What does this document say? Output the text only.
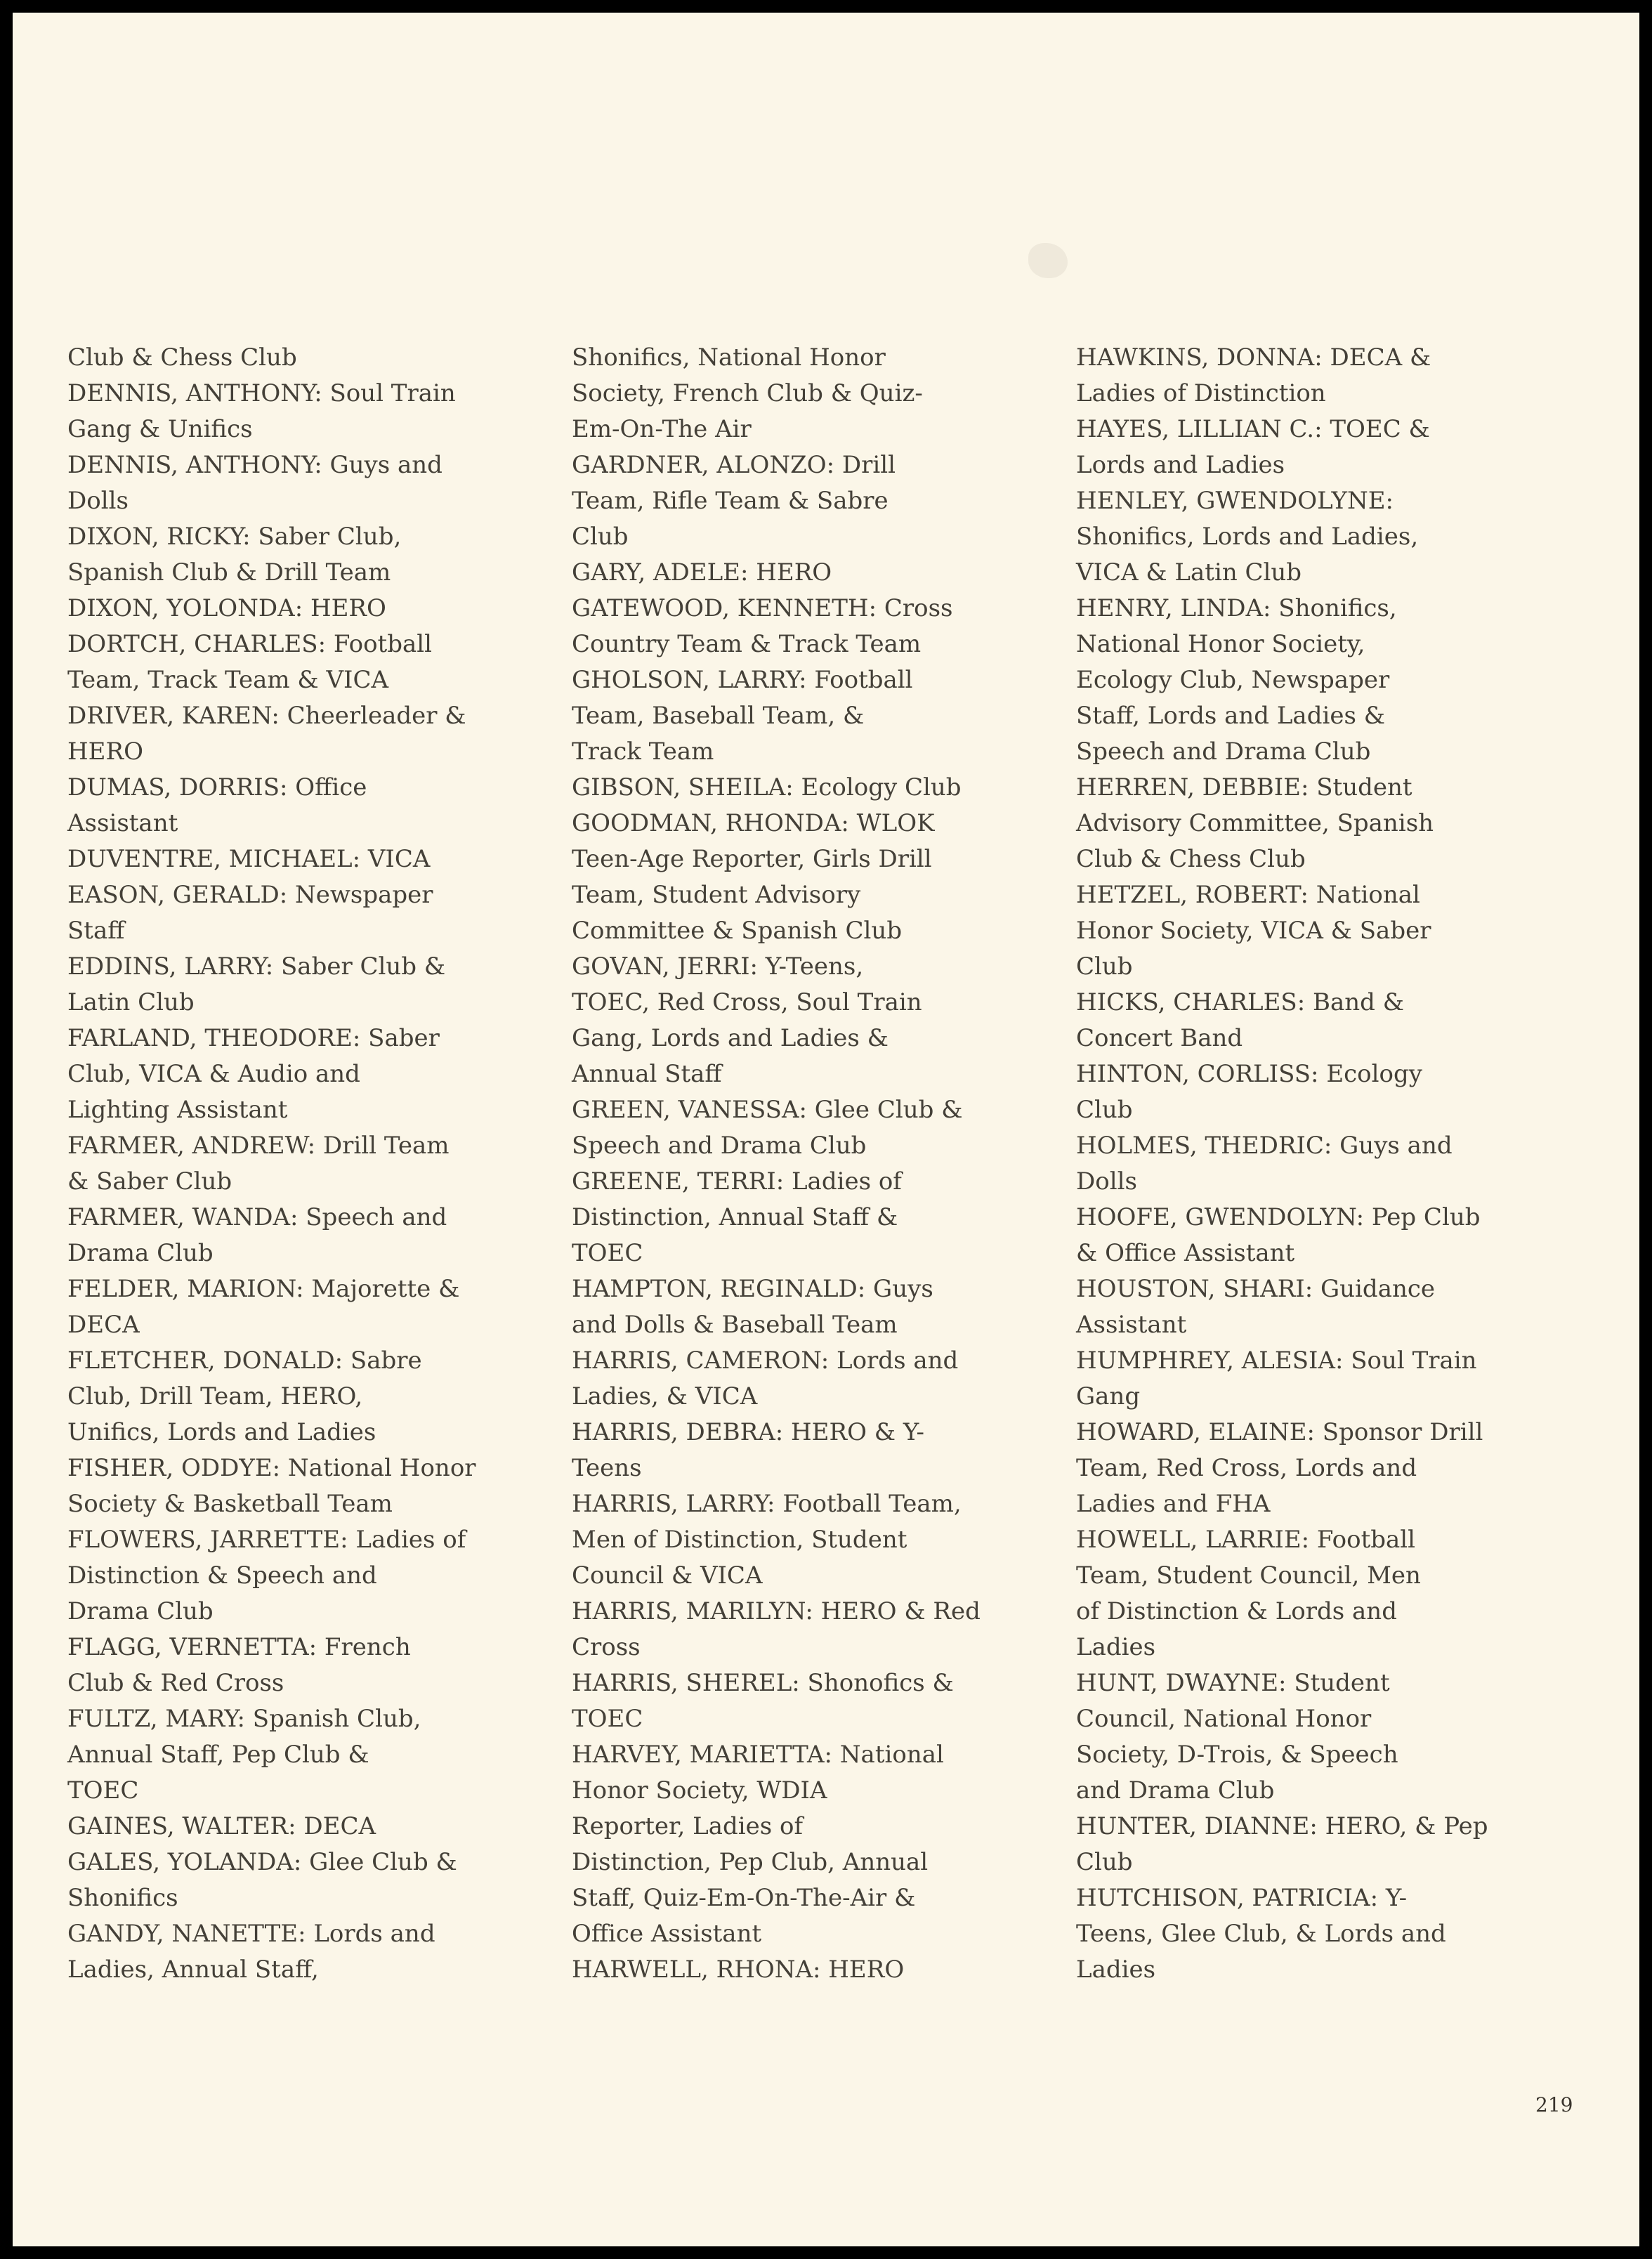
Club & Chess Club
DENNIS, ANTHONY: Soul Train
Gang & Unifics
DENNIS, ANTHONY: Guys and
Dolls
DIXON, RICKY: Saber Club,
Spanish Club & Drill Team
DIXON, YOLONDA: HERO
DORTCH, CHARLES: Football
Team, Track Team & VICA
DRIVER, KAREN: Cheerleader &
HERO
DUMAS, DORRIS: Office
Assistant
DUVENTRE, MICHAEL: VICA
EASON, GERALD: Newspaper
Staff
EDDINS, LARRY: Saber Club &
Latin Club
FARLAND, THEODORE: Saber
Club, VICA & Audio and
Lighting Assistant
FARMER, ANDREW: Drill Team
& Saber Club
FARMER, WANDA: Speech and
Drama Club
FELDER, MARION: Majorette &
DECA
FLETCHER, DONALD: Sabre
Club, Drill Team, HERO,
Unifics, Lords and Ladies
FISHER, ODDYE: National Honor
Society & Basketball Team
FLOWERS, JARRETTE: Ladies of
Distinction & Speech and
Drama Club
FLAGG, VERNETTA: French
Club & Red Cross
FULTZ, MARY: Spanish Club,
Annual Staff, Pep Club &
TOEC
GAINES, WALTER: DECA
GALES, YOLANDA: Glee Club &
Shonifics
GANDY, NANETTE: Lords and
Ladies, Annual Staff,
Shonifics, National Honor
Society, French Club & Quiz-
Em-On-The Air
GARDNER, ALONZO: Drill
Team, Rifle Team & Sabre
Club
GARY, ADELE: HERO
GATEWOOD, KENNETH: Cross
Country Team & Track Team
GHOLSON, LARRY: Football
Team, Baseball Team, &
Track Team
GIBSON, SHEILA: Ecology Club
GOODMAN, RHONDA: WLOK
Teen-Age Reporter, Girls Drill
Team, Student Advisory
Committee & Spanish Club
GOVAN, JERRI: Y-Teens,
TOEC, Red Cross, Soul Train
Gang, Lords and Ladies &
Annual Staff
GREEN, VANESSA: Glee Club &
Speech and Drama Club
GREENE, TERRI: Ladies of
Distinction, Annual Staff &
TOEC
HAMPTON, REGINALD: Guys
and Dolls & Baseball Team
HARRIS, CAMERON: Lords and
Ladies, & VICA
HARRIS, DEBRA: HERO & Y-
Teens
HARRIS, LARRY: Football Team,
Men of Distinction, Student
Council & VICA
HARRIS, MARILYN: HERO & Red
Cross
HARRIS, SHEREL: Shonofics &
TOEC
HARVEY, MARIETTA: National
Honor Society, WDIA
Reporter, Ladies of
Distinction, Pep Club, Annual
Staff, Quiz-Em-On-The-Air &
Office Assistant
HARWELL, RHONA: HERO
HAWKINS, DONNA: DECA &
Ladies of Distinction
HAYES, LILLIAN C.: TOEC &
Lords and Ladies
HENLEY, GWENDOLYNE:
Shonifics, Lords and Ladies,
VICA & Latin Club
HENRY, LINDA: Shonifics,
National Honor Society,
Ecology Club, Newspaper
Staff, Lords and Ladies &
Speech and Drama Club
HERREN, DEBBIE: Student
Advisory Committee, Spanish
Club & Chess Club
HETZEL, ROBERT: National
Honor Society, VICA & Saber
Club
HICKS, CHARLES: Band &
Concert Band
HINTON, CORLISS: Ecology
Club
HOLMES, THEDRIC: Guys and
Dolls
HOOFE, GWENDOLYN: Pep Club
& Office Assistant
HOUSTON, SHARI: Guidance
Assistant
HUMPHREY, ALESIA: Soul Train
Gang
HOWARD, ELAINE: Sponsor Drill
Team, Red Cross, Lords and
Ladies and FHA
HOWELL, LARRIE: Football
Team, Student Council, Men
of Distinction & Lords and
Ladies
HUNT, DWAYNE: Student
Council, National Honor
Society, D-Trois, & Speech
and Drama Club
HUNTER, DIANNE: HERO, & Pep
Club
HUTCHISON, PATRICIA: Y-
Teens, Glee Club, & Lords and
Ladies
219
